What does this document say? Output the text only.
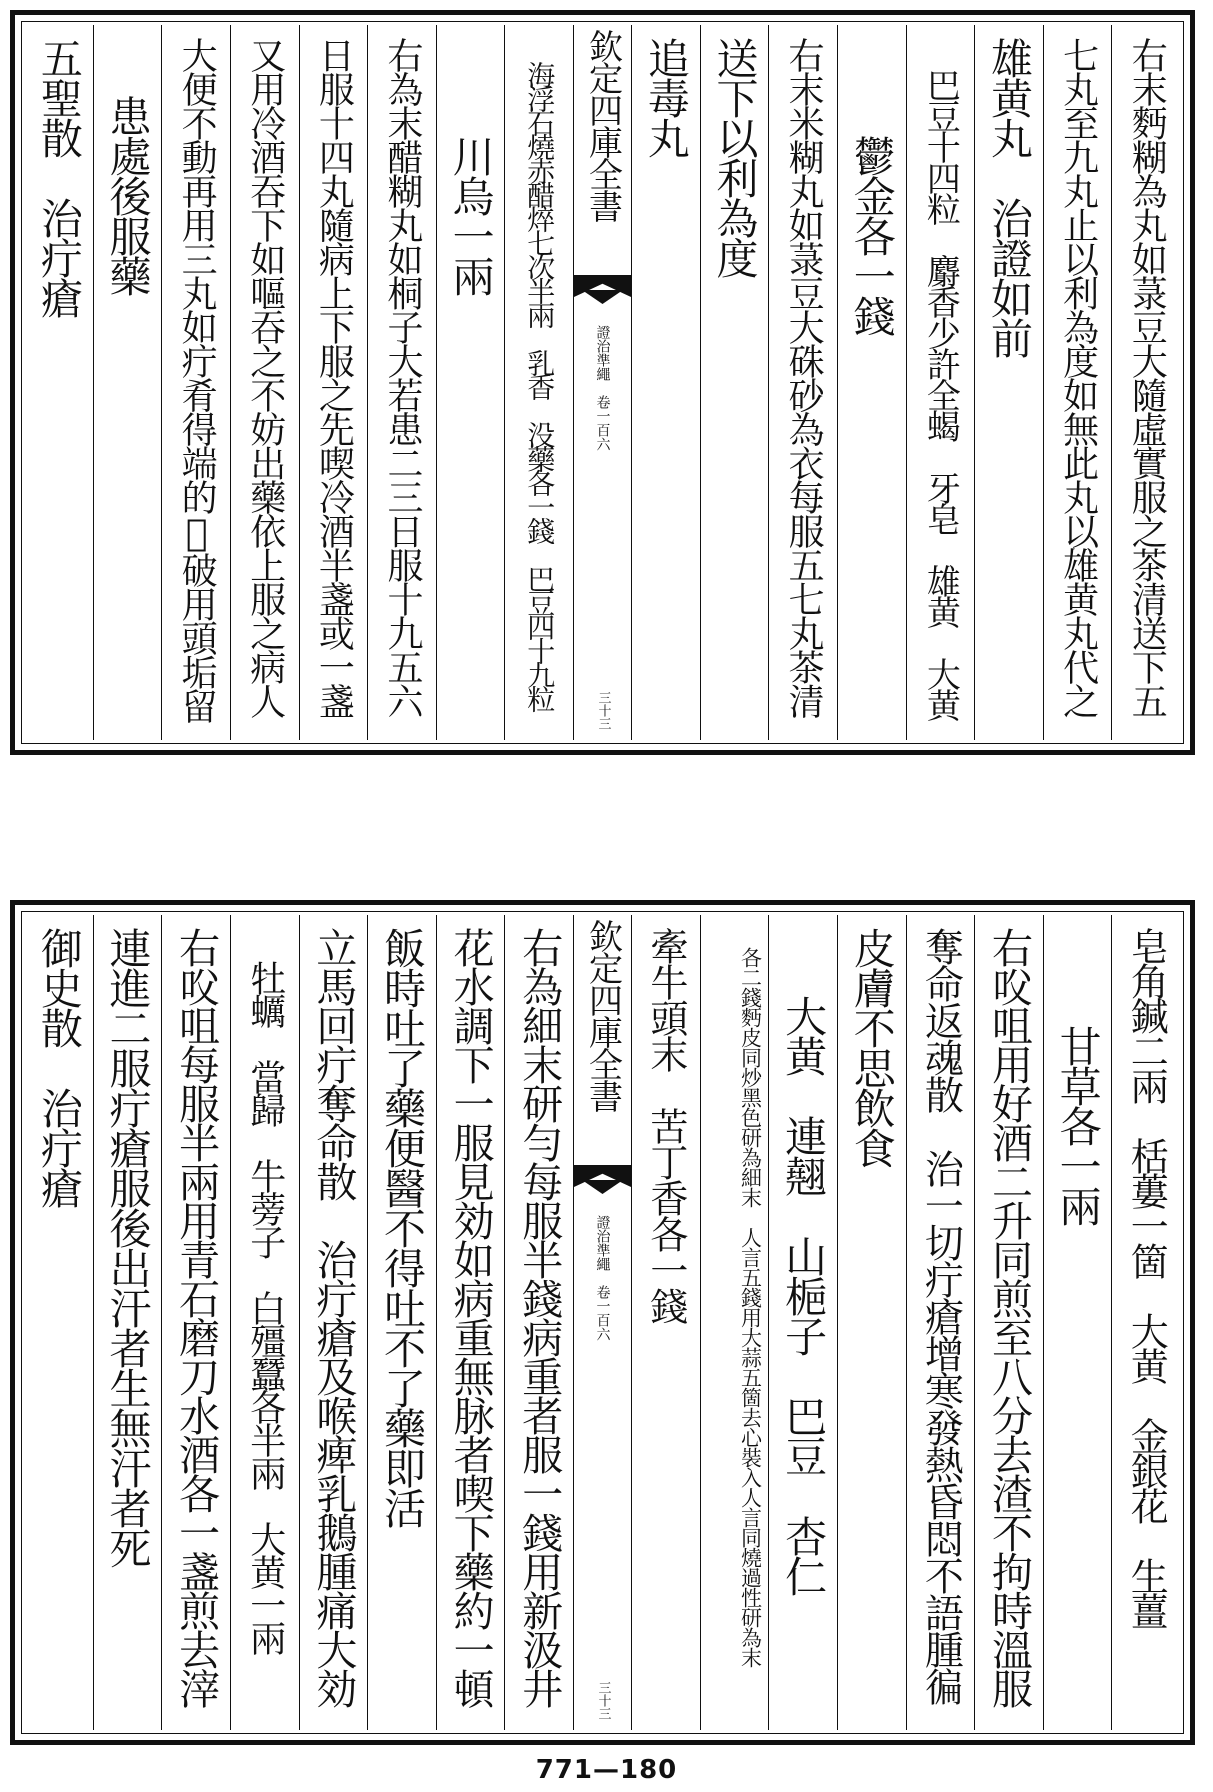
右末麪糊為丸如菉豆大隨虛實服之茶清送下五
七丸至九丸止以利為度如無此丸以雄黄丸代之
雄黄丸　治證如前
　巴豆十四粒　麝香少許全蝎　牙皂　雄黄　大黄
　鬱金各一錢
右末米糊丸如菉豆大硃砂為衣每服五七丸茶清
送下以利為度
追毒丸
欽定四庫全書
證治準繩　卷一百六
三十三
　海浮石燒赤醋焠七次半兩　乳香　没藥各一錢　巴豆四十九粒
　川烏一兩
右為末醋糊丸如桐子大若患二三日服十九五六
日服十四丸隨病上下服之先喫冷酒半盞或一盞
又用冷酒吞下如嘔吞之不妨出藥依上服之病人
大便不動再用三丸如疔肴得端的𤓰破用頭垢留
患處後服藥
五聖散　治疔瘡
皂角鍼二兩　栝蔞一箇　大黄　金銀花　生薑
　甘草各一兩
右㕮咀用好酒二升同煎至八分去渣不拘時溫服
奪命返魂散　治一切疔瘡增寒發熱昏悶不語腫徧
皮膚不思飲食
　大黄　連翹　山梔子　巴豆　杏仁
　各二錢麪皮同炒黑色研為細末　人言五錢用大蒜五箇去心裝入人言同燒過性研為末
牽牛頭末　苦丁香各一錢
欽定四庫全書
證治準繩　卷一百六
三十三
右為細末研勻每服半錢病重者服一錢用新汲井
花水調下一服見効如病重無脉者喫下藥約一頓
飯時吐了藥便醫不得吐不了藥即活
立馬回疔奪命散　治疔瘡及喉痺乳鵝腫痛大効
　牡蠣　當歸　牛蒡子　白殭蠶各半兩　大黄一兩
右㕮咀每服半兩用青石磨刀水酒各一盞煎去滓
連進二服疔瘡服後出汗者生無汗者死
御史散　治疔瘡
771—180
